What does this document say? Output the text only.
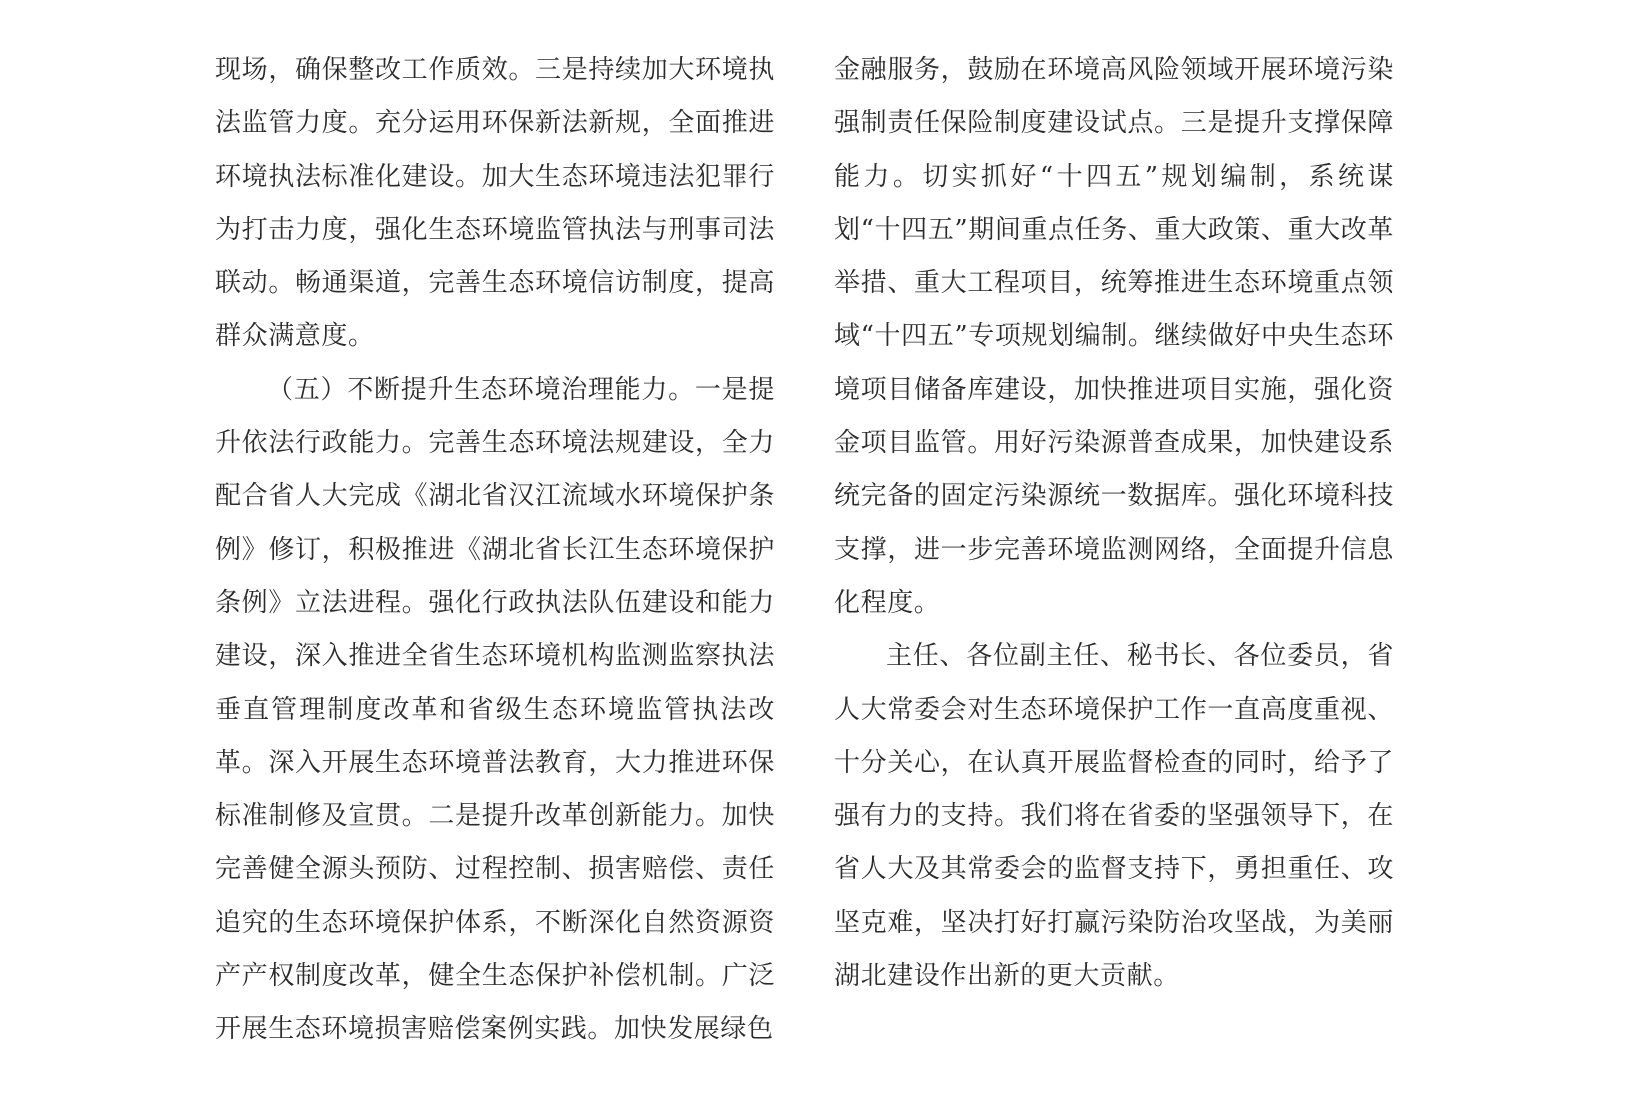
现场，确保整改工作质效。三是持续加大环境执法监管力度。充分运用环保新法新规，全面推进环境执法标准化建设。加大生态环境违法犯罪行为打击力度，强化生态环境监管执法与刑事司法联动。畅通渠道，完善生态环境信访制度，提高群众满意度。

（五）不断提升生态环境治理能力。一是提升依法行政能力。完善生态环境法规建设，全力配合省人大完成《湖北省汉江流域水环境保护条例》修订，积极推进《湖北省长江生态环境保护条例》立法进程。强化行政执法队伍建设和能力建设，深入推进全省生态环境机构监测监察执法垂直管理制度改革和省级生态环境监管执法改革。深入开展生态环境普法教育，大力推进环保标准制修及宣贯。二是提升改革创新能力。加快完善健全源头预防、过程控制、损害赔偿、责任追究的生态环境保护体系，不断深化自然资源资产产权制度改革，健全生态保护补偿机制。广泛开展生态环境损害赔偿案例实践。加快发展绿色

金融服务，鼓励在环境高风险领域开展环境污染强制责任保险制度建设试点。三是提升支撑保障能力。切实抓好“十四五”规划编制，系统谋划“十四五”期间重点任务、重大政策、重大改革举措、重大工程项目，统筹推进生态环境重点领域“十四五”专项规划编制。继续做好中央生态环境项目储备库建设，加快推进项目实施，强化资金项目监管。用好污染源普查成果，加快建设系统完备的固定污染源统一数据库。强化环境科技支撑，进一步完善环境监测网络，全面提升信息化程度。

主任、各位副主任、秘书长、各位委员，省人大常委会对生态环境保护工作一直高度重视、十分关心，在认真开展监督检查的同时，给予了强有力的支持。我们将在省委的坚强领导下，在省人大及其常委会的监督支持下，勇担重任、攻坚克难，坚决打好打赢污染防治攻坚战，为美丽湖北建设作出新的更大贡献。
